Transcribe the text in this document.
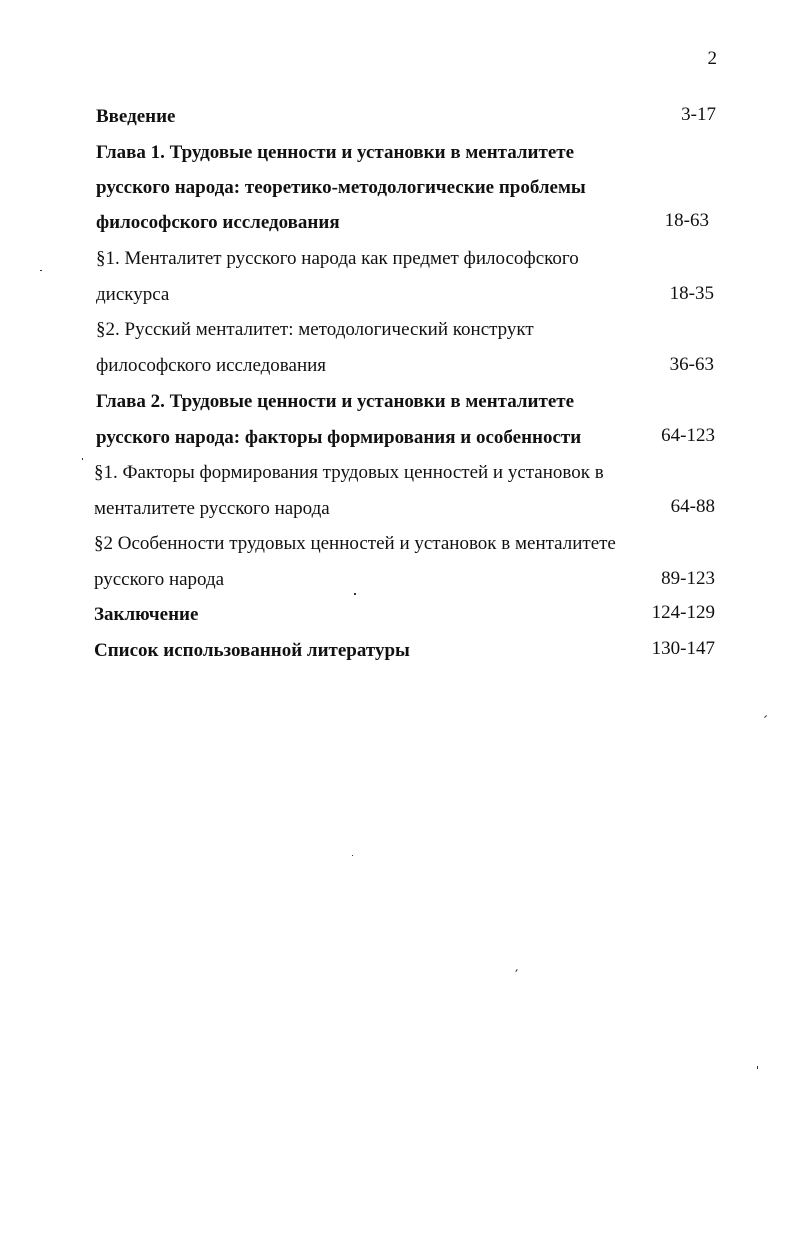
2
Введение	3-17
Глава 1. Трудовые ценности и установки в менталитете
русского народа: теоретико-методологические проблемы
философского исследования	18-63
§1. Менталитет русского народа как предмет философского
дискурса	18-35
§2. Русский мeнталитет: методологический конструкт
философского исследования	36-63
Глава 2. Трудовые ценности и установки в менталитете
русского народа: факторы формирования и особенности	64-123
§1. Факторы формирования трудовых ценностей и установок в
менталитете русского народа	64-88
§2 Особенности трудовых ценностей и установок в менталитете
русского народа	89-123
Заключение	124-129
Список использованной литературы	130-147
